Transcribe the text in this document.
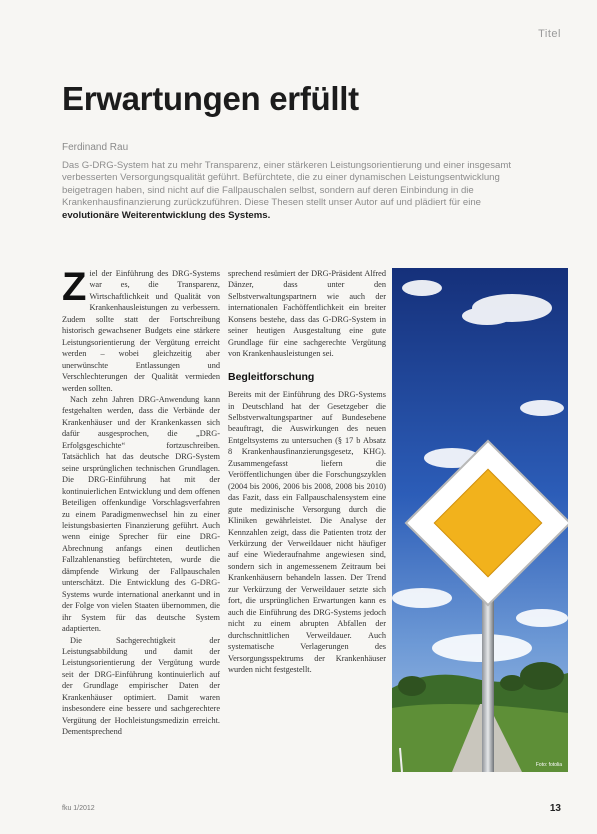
Titel
Erwartungen erfüllt
Ferdinand Rau

Das G-DRG-System hat zu mehr Transparenz, einer stärkeren Leistungsorientierung und einer insgesamt verbesserten Versorgungsqualität geführt. Befürchtete, die zu einer dynamischen Leistungsentwicklung beigetragen haben, sind nicht auf die Fallpauschalen selbst, sondern auf deren Einbindung in die Krankenhausfinanzierung zurückzuführen. Diese Thesen stellt unser Autor auf und plädiert für eine evolutionäre Weiterentwicklung des Systems.

Ziel der Einführung des DRG-Systems war es, die Transparenz, Wirtschaftlichkeit und Qualität von Krankenhausleistungen zu verbessern. Zudem sollte statt der Fortschreibung historisch gewachsener Budgets eine stärkere Leistungsorientierung der Vergütung erreicht werden – wobei gleichzeitig aber unerwünschte Entlassungen und Verschlechterungen der Qualität vermieden werden sollten.

Nach zehn Jahren DRG-Anwendung kann festgehalten werden, dass die Verbände der Krankenhäuser und der Krankenkassen sich dafür ausgesprochen, die „DRG-Erfolgsgeschichte“ fortzuschreiben. Tatsächlich hat das deutsche DRG-System seine ursprünglichen technischen Grundlagen. Die DRG-Einführung hat mit der kontinuierlichen Entwicklung und dem offenen Beteiligen offenkundige Vorschlagsverfahren zu einem Paradigmenwechsel hin zu einer leistungsbasierten Finanzierung geführt. Auch wenn einige Sprecher für eine DRG-Abrechnung anfangs einen deutlichen Fallzahlenanstieg befürchteten, wurde die dämpfende Wirkung der Fallpauschalen unterschätzt. Die Entwicklung des G-DRG-Systems wurde international anerkannt und in der Folge von vielen Staaten übernommen, die ihr System für das deutsche System adaptierten.

Die Sachgerechtigkeit der Leistungsabbildung und damit der Leistungsorientierung der Vergütung wurde seit der DRG-Einführung kontinuierlich auf der Grundlage empirischer Daten der Krankenhäuser optimiert. Damit waren insbesondere eine bessere und sachgerechtere Vergütung der Hochleistungsmedizin erreicht. Dementsprechend

sprechend resümiert der DRG-Präsident Alfred Dänzer, dass unter den Selbstverwaltungspartnern wie auch der internationalen Fachöffentlichkeit ein breiter Konsens bestehe, dass das G-DRG-System in seiner heutigen Ausgestaltung eine gute Grundlage für eine sachgerechte Vergütung von Krankenhausleistungen sei.

Begleitforschung

Bereits mit der Einführung des DRG-Systems in Deutschland hat der Gesetzgeber die Selbstverwaltungspartner auf Bundesebene beauftragt, die Auswirkungen des neuen Entgeltsystems zu untersuchen (§ 17 b Absatz 8 Krankenhausfinanzierungsgesetz, KHG). Zusammengefasst liefern die Veröffentlichungen über die Forschungszyklen (2004 bis 2006, 2006 bis 2008, 2008 bis 2010) das Fazit, dass ein Fallpauschalensystem eine gute medizinische Versorgung durch die Kliniken gewährleistet. Die Analyse der Kennzahlen zeigt, dass die Patienten trotz der Verkürzung der Verweildauer nicht häufiger auf eine Wiederaufnahme angewiesen sind, sondern sich in angemessenem Zeitraum bei Krankenhäusern behandeln lassen. Der Trend zur Verkürzung der Verweildauer setzte sich fort, die ursprünglichen Erwartungen kann es auch die Einführung des DRG-Systems jedoch nicht zu einem abrupten Abfallen der durchschnittlichen Verweildauer. Auch systematische Verlagerungen des Versorgungsspektrums der Krankenhäuser wurden nicht festgestellt.

Foto: fotolia
fku 1/2012	13
